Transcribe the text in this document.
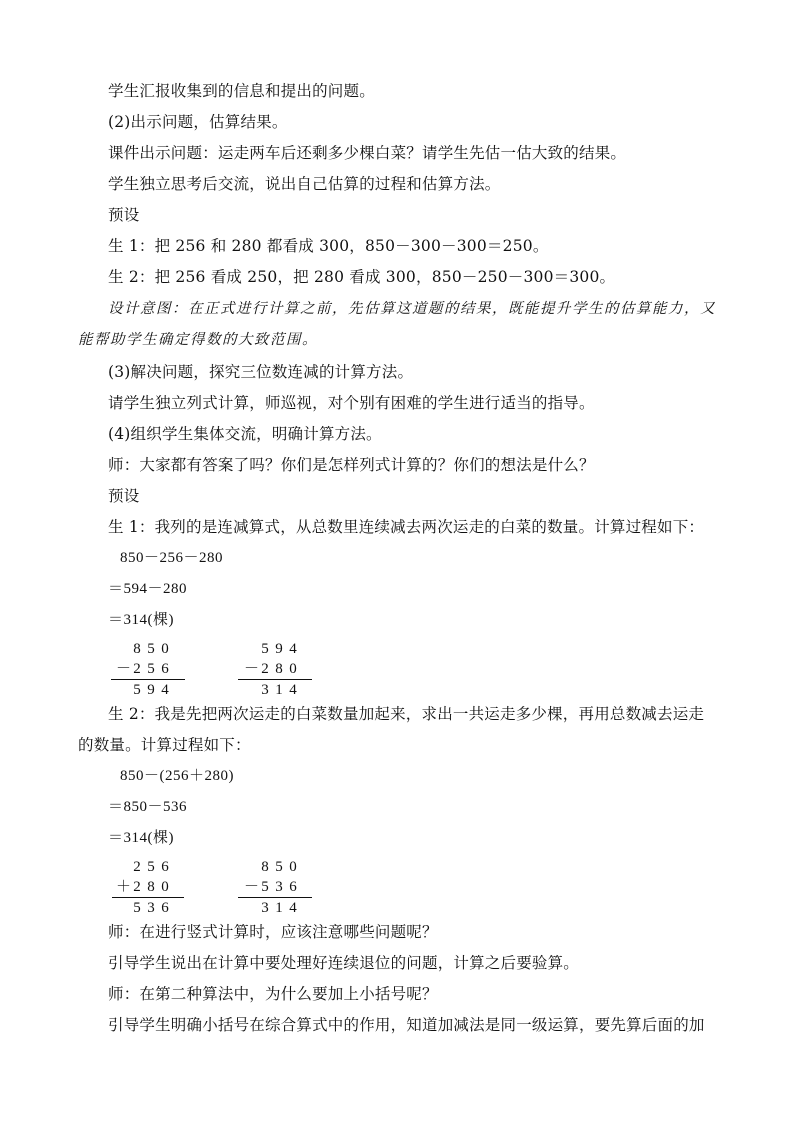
学生汇报收集到的信息和提出的问题。
(2)出示问题，估算结果。
课件出示问题：运走两车后还剩多少棵白菜？请学生先估一估大致的结果。
学生独立思考后交流，说出自己估算的过程和估算方法。
预设
生 1：把 256 和 280 都看成 300，850－300－300＝250。
生 2：把 256 看成 250，把 280 看成 300，850－250－300＝300。
设计意图：在正式进行计算之前，先估算这道题的结果，既能提升学生的估算能力，又
能帮助学生确定得数的大致范围。
(3)解决问题，探究三位数连减的计算方法。
请学生独立列式计算，师巡视，对个别有困难的学生进行适当的指导。
(4)组织学生集体交流，明确计算方法。
师：大家都有答案了吗？你们是怎样列式计算的？你们的想法是什么？
预设
生 1：我列的是连减算式，从总数里连续减去两次运走的白菜的数量。计算过程如下：
850－256－280
＝594－280
＝314(棵)
8 5 0
－ 2 5 6
5 9 4
5 9 4
－ 2 8 0
3 1 4
生 2：我是先把两次运走的白菜数量加起来，求出一共运走多少棵，再用总数减去运走
的数量。计算过程如下：
850－(256＋280)
＝850－536
＝314(棵)
2 5 6
＋ 2 8 0
5 3 6
8 5 0
－ 5 3 6
3 1 4
师：在进行竖式计算时，应该注意哪些问题呢？
引导学生说出在计算中要处理好连续退位的问题，计算之后要验算。
师：在第二种算法中，为什么要加上小括号呢？
引导学生明确小括号在综合算式中的作用，知道加减法是同一级运算，要先算后面的加
